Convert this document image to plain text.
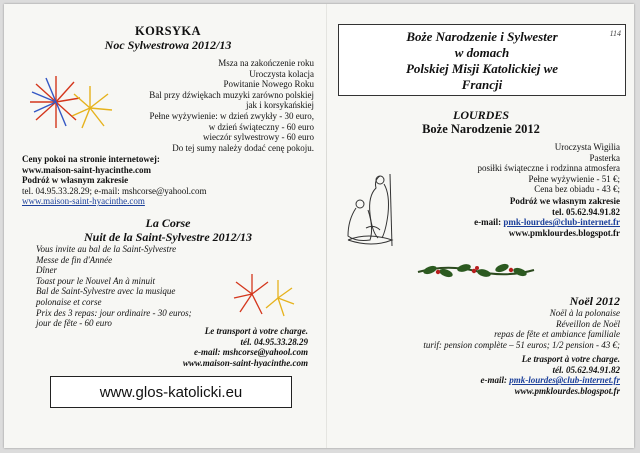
KORSYKA
Noc Sylwestrowa 2012/13
Msza na zakończenie roku
Uroczysta kolacja
Powitanie Nowego Roku
Bal przy dźwiękach muzyki zarówno polskiej
jak i korsykańskiej
Pełne wyżywienie: w dzień zwykły - 30 euro,
w dzień świąteczny - 60 euro
wieczór sylwestrowy - 60 euro
Do tej sumy należy dodać cenę pokoju.
Ceny pokoi na stronie internetowej:
www.maison-saint-hyacinthe.com
Podróż w własnym zakresie
tel. 04.95.33.28.29; e-mail: mshcorse@yahool.com
www.maison-saint-hyacinthe.com
La Corse
Nuit de la Saint-Sylvestre 2012/13
Vous invite au bal de la Saint-Sylvestre
Messe de fin d'Année
Dîner
Toast pour le Nouvel An à minuit
Bal de Saint-Sylvestre avec la musique
polonaise et corse
Prix des 3 repas: jour ordinaire - 30 euros;
jour de fête - 60 euro
Le transport à votre charge.
tél. 04.95.33.28.29
e-mail: mshcorse@yahool.com
www.maison-saint-hyacinthe.com
www.glos-katolicki.eu
114
Boże Narodzenie i Sylwester
w domach
Polskiej Misji Katolickiej we
Francji
LOURDES
Boże Narodzenie 2012
Uroczysta Wigilia
Pasterka
posiłki świąteczne i rodzinna atmosfera
Pełne wyżywienie - 51 €;
Cena bez obiadu - 43 €;
Podróż we własnym zakresie
tel. 05.62.94.91.82
e-mail: pmk-lourdes@club-internet.fr
www.pmklourdes.blogspot.fr
Noël 2012
Noël à la polonaise
Réveillon de Noël
repas de fête et ambiance familiale
turif: pension complète – 51 euros; 1/2 pension - 43 €;
Le trasport à votre charge.
tél. 05.62.94.91.82
e-mail: pmk-lourdes@club-internet.fr
www.pmklourdes.blogspot.fr
